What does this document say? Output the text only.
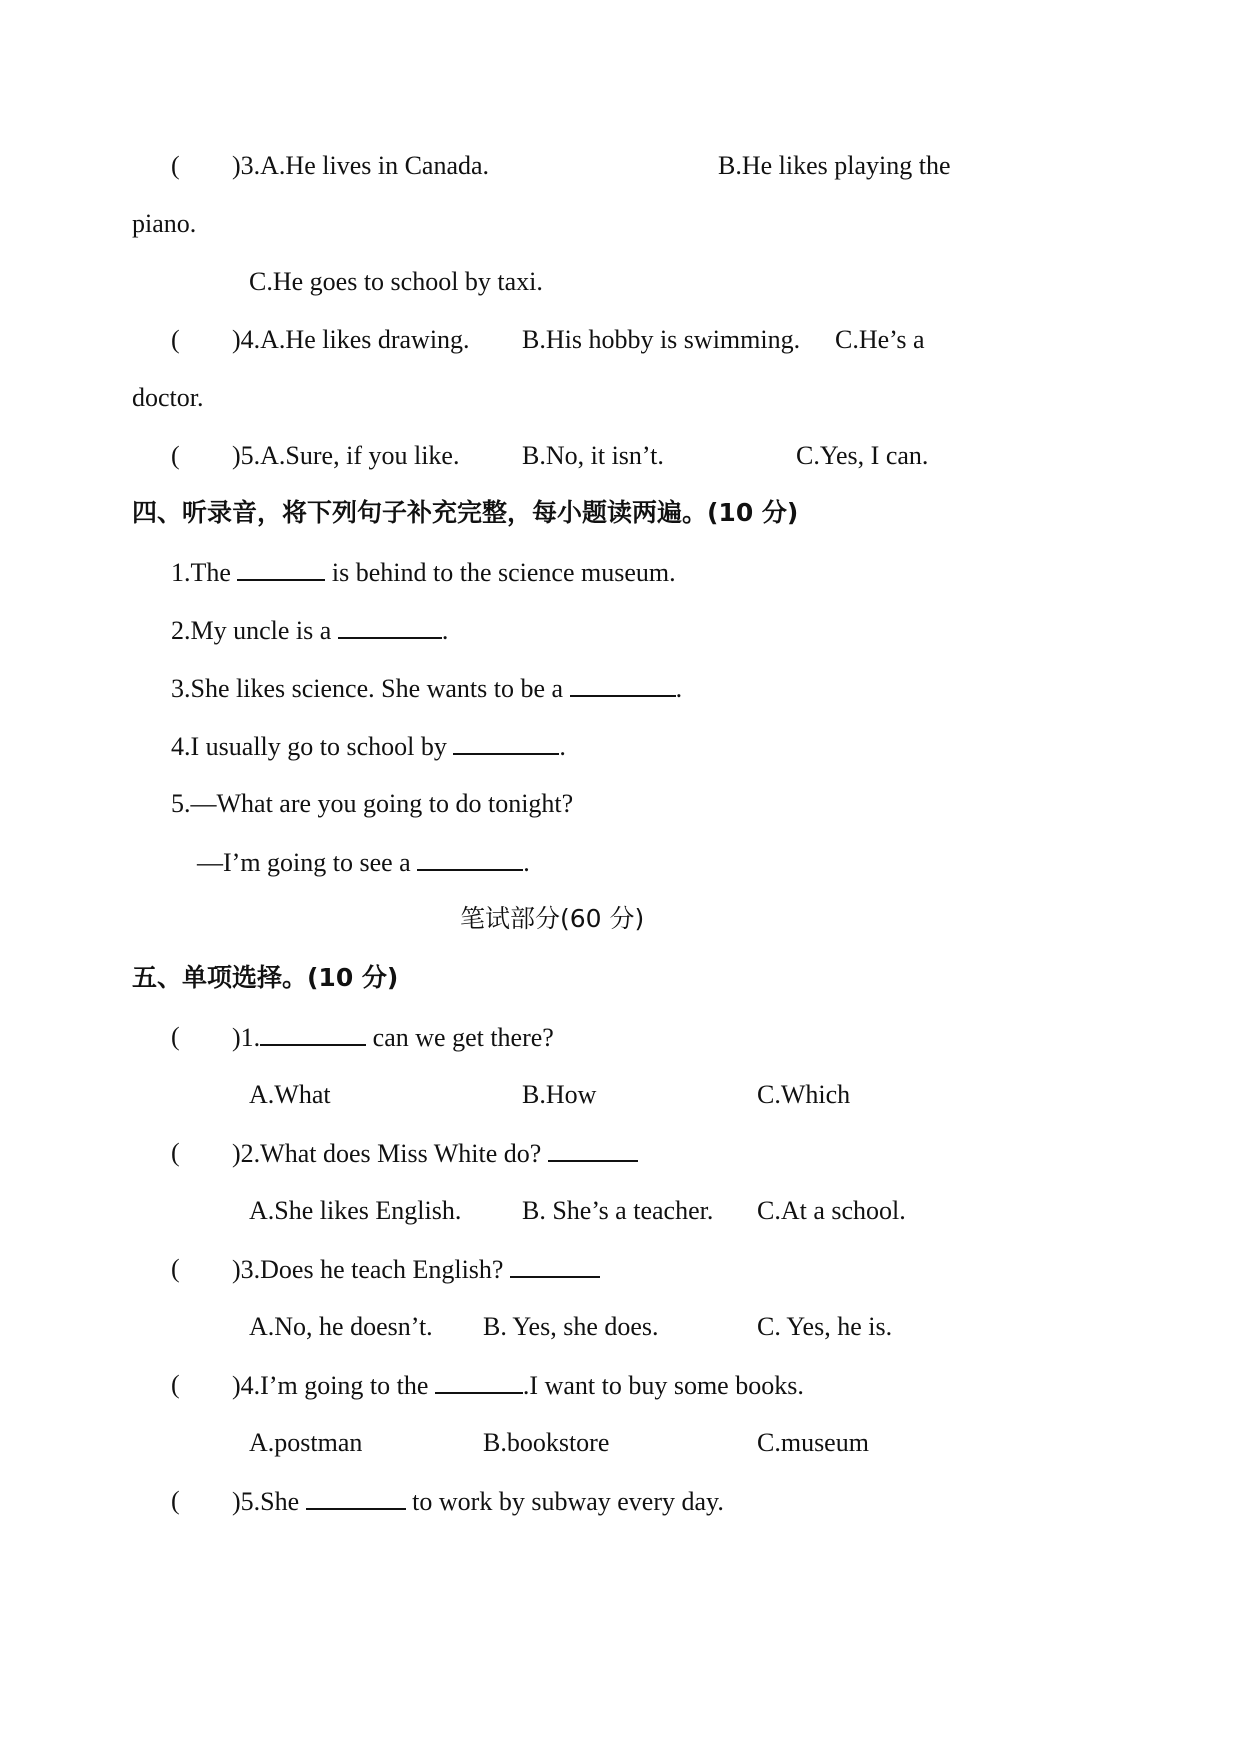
( )3.A.He lives in Canada.	B.He likes playing the
piano.
C.He goes to school by taxi.
( )4.A.He likes drawing. B.His hobby is swimming. C.He’s a
doctor.
( )5.A.Sure, if you like. B.No, it isn’t.	C.Yes, I can.
四、听录音，将下列句子补充完整，每小题读两遍。(10 分)
1.The	is behind to the science museum.
2.My uncle is a	.
3.She likes science. She wants to be a	.
4.I usually go to school by	.
5.—What are you going to do tonight?
—I’m going to see a	.
笔试部分(60 分)
五、单项选择。(10 分)
( )1.	can we get there?
A.What	B.How	C.Which
( )2.What does Miss White do?
A.She likes English. B. She’s a teacher. C.At a school.
( )3.Does he teach English?
A.No, he doesn’t. B. Yes, she does.	C. Yes, he is.
( )4.I’m going to the	.I want to buy some books.
A.postman	B.bookstore	C.museum
( )5.She	to work by subway every day.
